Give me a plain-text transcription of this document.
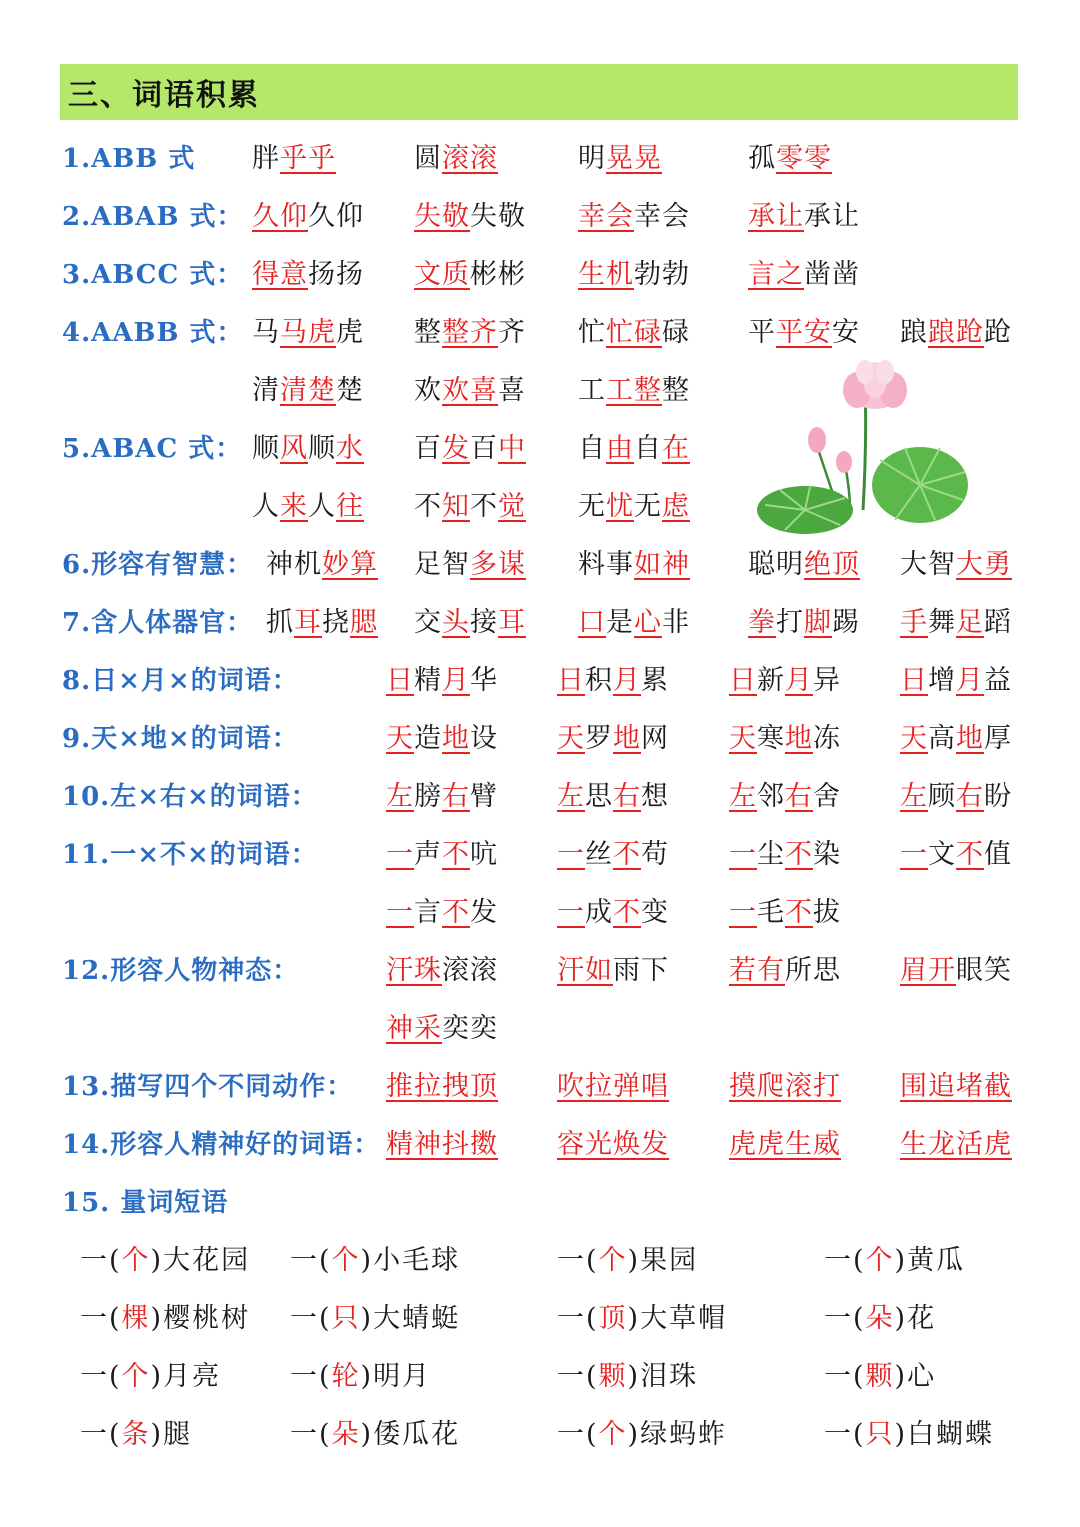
三、词语积累
1.ABB 式 胖乎乎	圆滚滚	明晃晃	孤零零
2.ABAB 式： 久仰久仰 失敬失敬 幸会幸会 承让承让
3.ABCC 式： 得意扬扬 文质彬彬 生机勃勃 言之凿凿
4.AABB 式： 马马虎虎 整整齐齐 忙忙碌碌 平平安安 踉踉跄跄
清清楚楚 欢欢喜喜 工工整整
5.ABAC 式： 顺风顺水 百发百中 自由自在
人来人往 不知不觉 无忧无虑
6.形容有智慧： 神机妙算 足智多谋 料事如神 聪明绝顶 大智大勇
7.含人体器官： 抓耳挠腮 交头接耳 口是心非 拳打脚踢 手舞足蹈
8.日×月×的词语：	日精月华 日积月累 日新月异 日增月益
9.天×地×的词语：	天造地设 天罗地网 天寒地冻 天高地厚
10.左×右×的词语：	左膀右臂 左思右想 左邻右舍 左顾右盼
11.一×不×的词语：	一声不吭 一丝不苟 一尘不染 一文不值
一言不发 一成不变 一毛不拔
12.形容人物神态：	汗珠滚滚 汗如雨下 若有所思 眉开眼笑
神采奕奕
13.描写四个不同动作： 推拉拽顶 吹拉弹唱 摸爬滚打 围追堵截
14.形容人精神好的词语： 精神抖擞 容光焕发 虎虎生威 生龙活虎
15. 量词短语
一(个)大花园 一(个)小毛球	一(个)果园	一(个)黄瓜
一(棵)樱桃树 一(只)大蜻蜓	一(顶)大草帽	一(朵)花
一(个)月亮	一(轮)明月	一(颗)泪珠	一(颗)心
一(条)腿	一(朵)倭瓜花	一(个)绿蚂蚱	一(只)白蝴蝶
